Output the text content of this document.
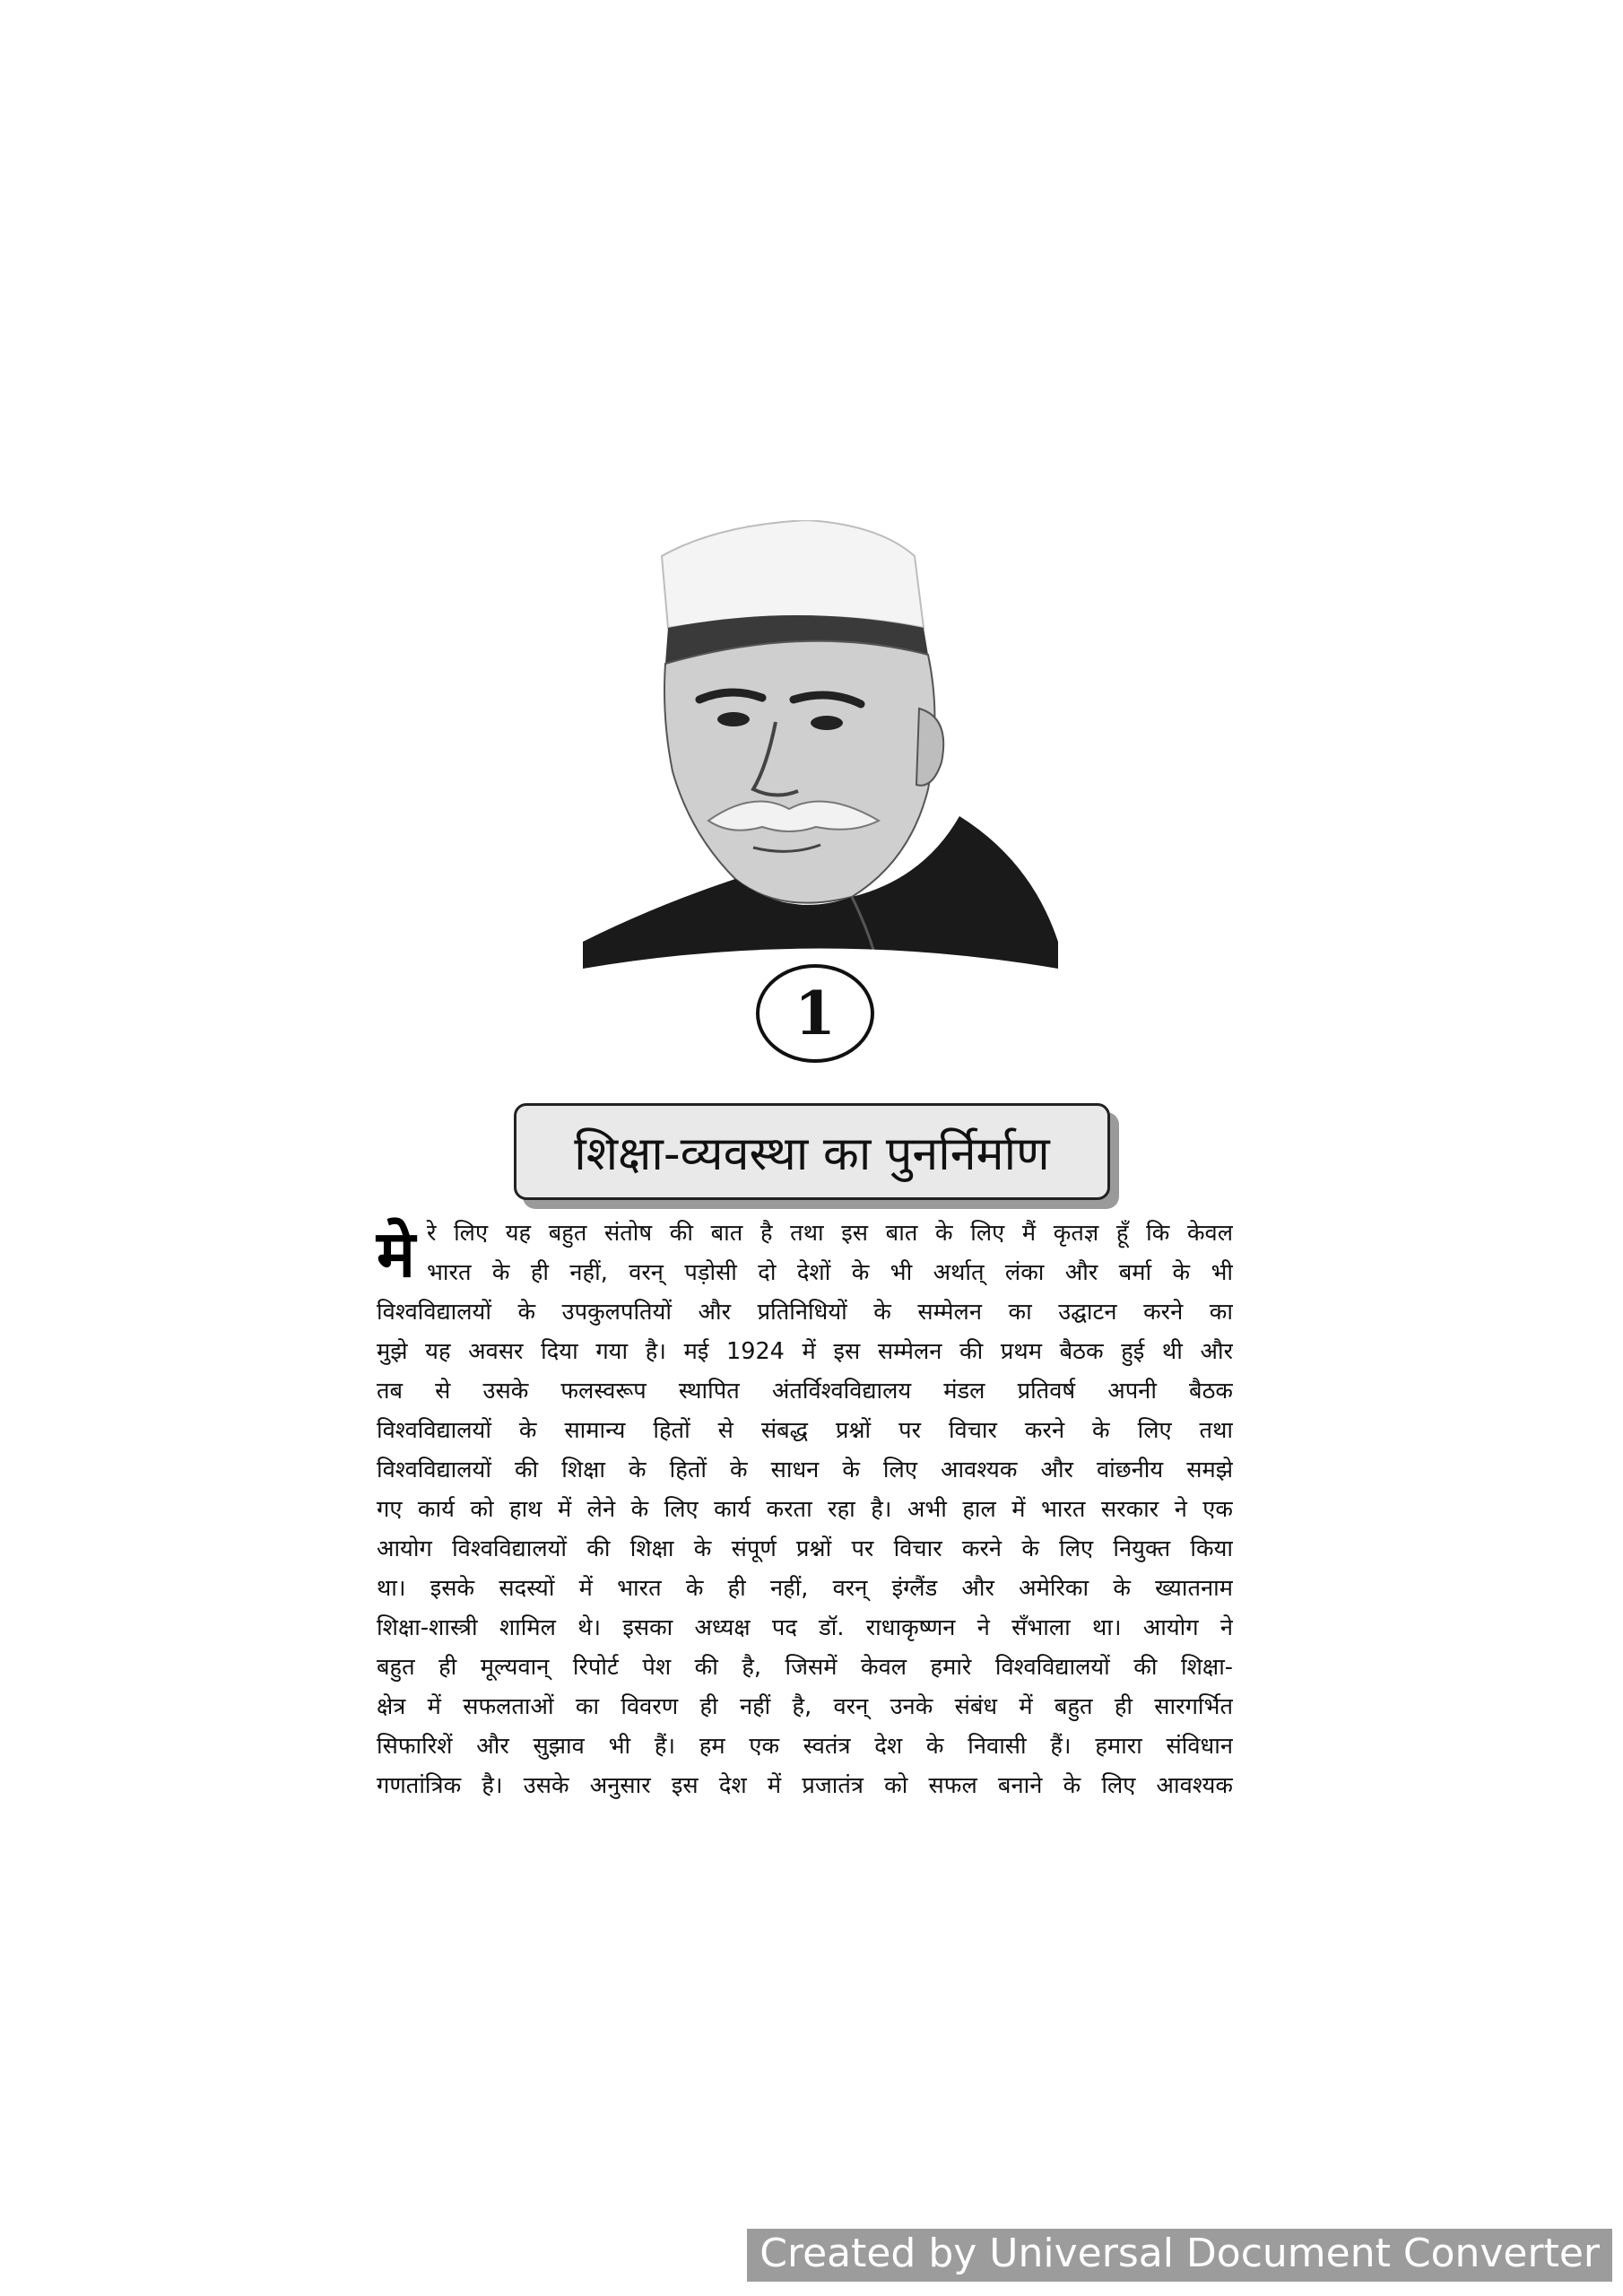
1
शिक्षा-व्यवस्था का पुनर्निर्माण
मे रे लिए यह बहुत संतोष की बात है तथा इस बात के लिए मैं कृतज्ञ हूँ कि केवल
भारत के ही नहीं, वरन् पड़ोसी दो देशों के भी अर्थात् लंका और बर्मा के भी
विश्वविद्यालयों के उपकुलपतियों और प्रतिनिधियों के सम्मेलन का उद्घाटन करने का
मुझे यह अवसर दिया गया है। मई 1924 में इस सम्मेलन की प्रथम बैठक हुई थी और
तब से उसके फलस्वरूप स्थापित अंतर्विश्वविद्यालय मंडल प्रतिवर्ष अपनी बैठक
विश्वविद्यालयों के सामान्य हितों से संबद्ध प्रश्नों पर विचार करने के लिए तथा
विश्वविद्यालयों की शिक्षा के हितों के साधन के लिए आवश्यक और वांछनीय समझे
गए कार्य को हाथ में लेने के लिए कार्य करता रहा है। अभी हाल में भारत सरकार ने एक
आयोग विश्वविद्यालयों की शिक्षा के संपूर्ण प्रश्नों पर विचार करने के लिए नियुक्त किया
था। इसके सदस्यों में भारत के ही नहीं, वरन् इंग्लैंड और अमेरिका के ख्यातनाम
शिक्षा-शास्त्री शामिल थे। इसका अध्यक्ष पद डॉ. राधाकृष्णन ने सँभाला था। आयोग ने
बहुत ही मूल्यवान् रिपोर्ट पेश की है, जिसमें केवल हमारे विश्वविद्यालयों की शिक्षा-
क्षेत्र में सफलताओं का विवरण ही नहीं है, वरन् उनके संबंध में बहुत ही सारगर्भित
सिफारिशें और सुझाव भी हैं। हम एक स्वतंत्र देश के निवासी हैं। हमारा संविधान
गणतांत्रिक है। उसके अनुसार इस देश में प्रजातंत्र को सफल बनाने के लिए आवश्यक
Created by Universal Document Converter
